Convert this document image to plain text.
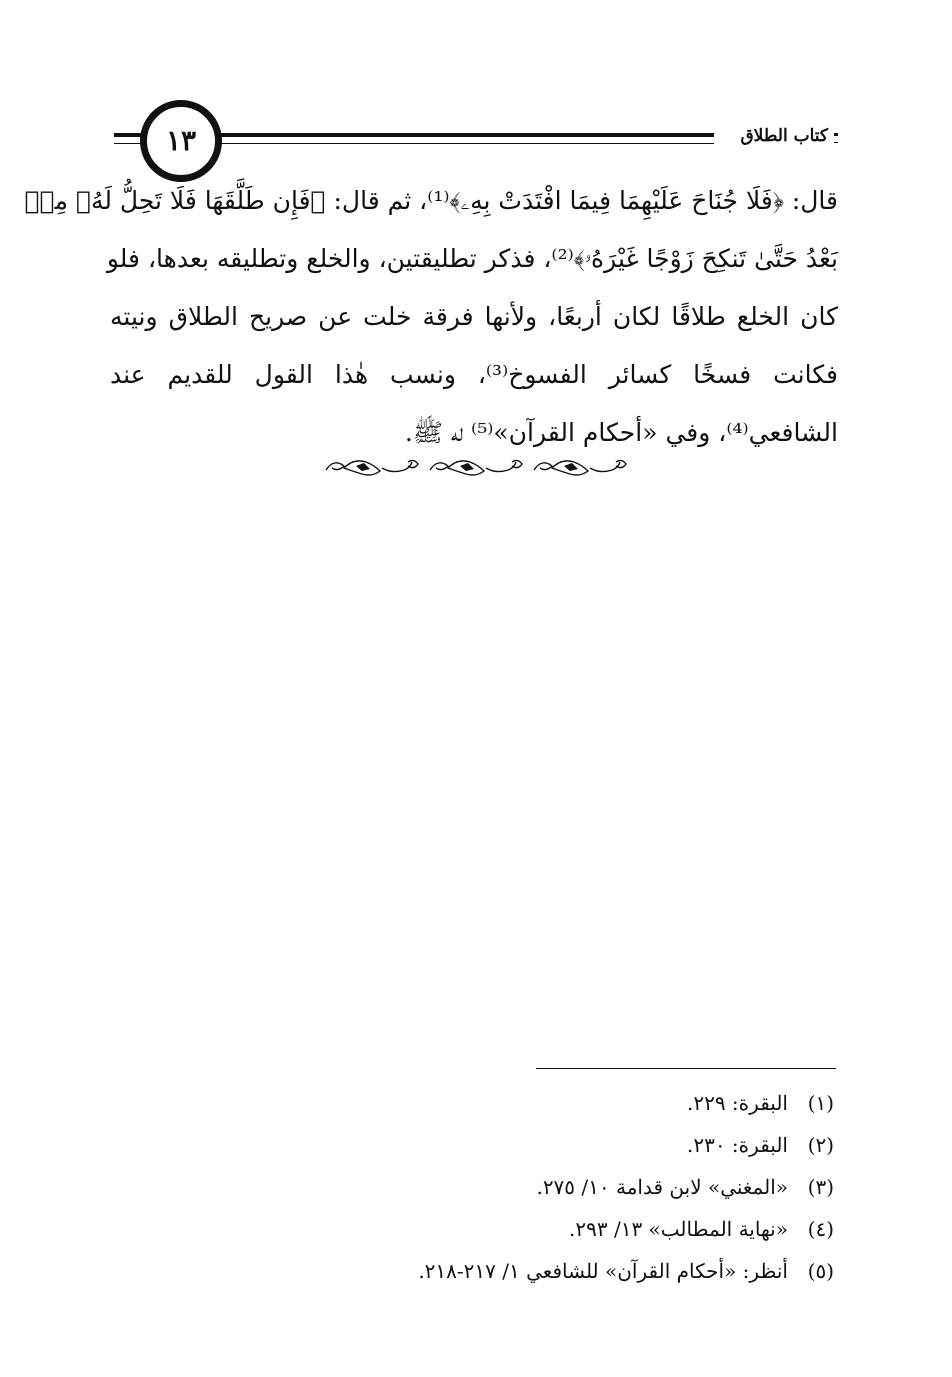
كتاب الطلاق
١٣
قال: ﴿فَلَا جُنَاحَ عَلَيْهِمَا فِيمَا افْتَدَتْ بِهِۦ﴾⁽¹⁾، ثم قال: ﴿فَإِن طَلَّقَهَا فَلَا تَحِلُّ لَهُۥ مِنۢ
بَعْدُ حَتَّىٰ تَنكِحَ زَوْجًا غَيْرَهُۥ﴾⁽²⁾، فذكر تطليقتين، والخلع وتطليقه بعدها، فلو
كان الخلع طلاقًا لكان أربعًا، ولأنها فرقة خلت عن صريح الطلاق ونيته
فكانت فسخًا كسائر الفسوخ⁽³⁾، ونسب هٰذا القول للقديم عند
الشافعي⁽⁴⁾، وفي «أحكام القرآن»⁽⁵⁾ له ﷺ.
(١)البقرة: ٢٢٩.
(٢)البقرة: ٢٣٠.
(٣)«المغني» لابن قدامة ١٠/ ٢٧٥.
(٤)«نهاية المطالب» ١٣/ ٢٩٣.
(٥)أنظر: «أحكام القرآن» للشافعي ١/ ٢١٧-٢١٨.
